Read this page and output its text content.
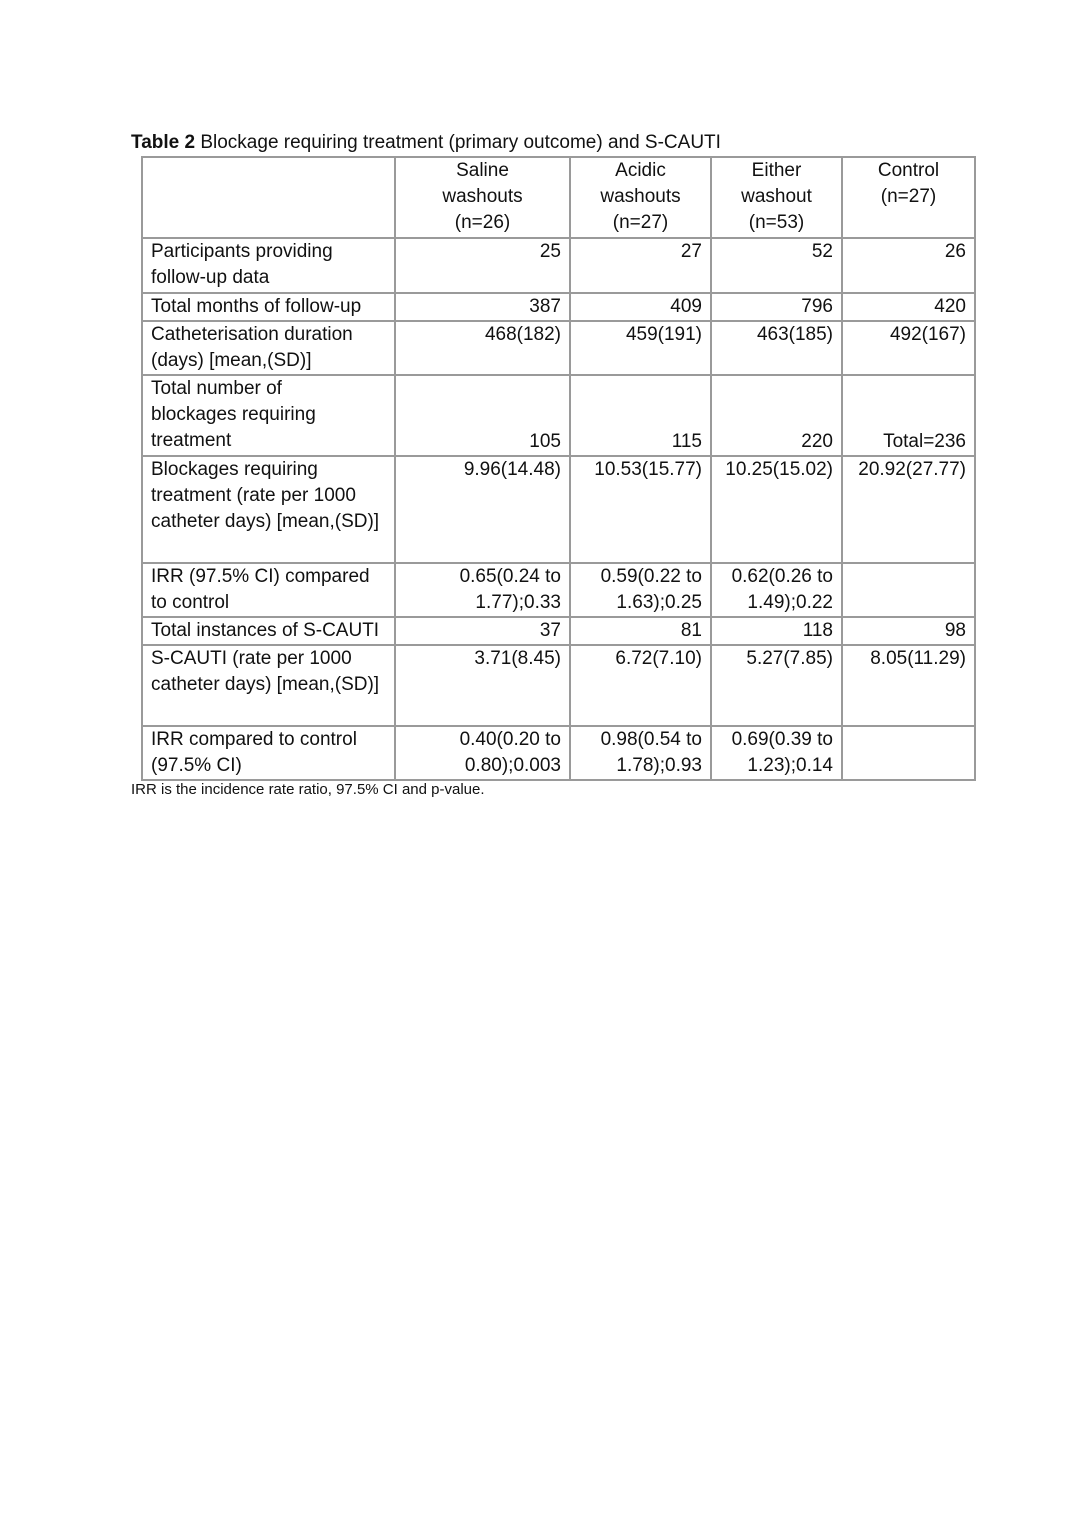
Table 2 Blockage requiring treatment (primary outcome) and S-CAUTI

	Saline washouts (n=26)	Acidic washouts (n=27)	Either washout (n=53)	Control (n=27)

Participants providing follow-up data	25	27	52	26
Total months of follow-up	387	409	796	420
Catheterisation duration (days) [mean,(SD)]	468(182)	459(191)	463(185)	492(167)
Total number of blockages requiring treatment	105	115	220	Total=236
Blockages requiring treatment (rate per 1000 catheter days) [mean,(SD)]	9.96(14.48)	10.53(15.77)	10.25(15.02)	20.92(27.77)
IRR (97.5% CI) compared to control	0.65(0.24 to 1.77);0.33	0.59(0.22 to 1.63);0.25	0.62(0.26 to 1.49);0.22	
Total instances of S-CAUTI	37	81	118	98
S-CAUTI (rate per 1000 catheter days) [mean,(SD)]	3.71(8.45)	6.72(7.10)	5.27(7.85)	8.05(11.29)
IRR compared to control (97.5% CI)	0.40(0.20 to 0.80);0.003	0.98(0.54 to 1.78);0.93	0.69(0.39 to 1.23);0.14	
IRR is the incidence rate ratio, 97.5% CI and p-value.
